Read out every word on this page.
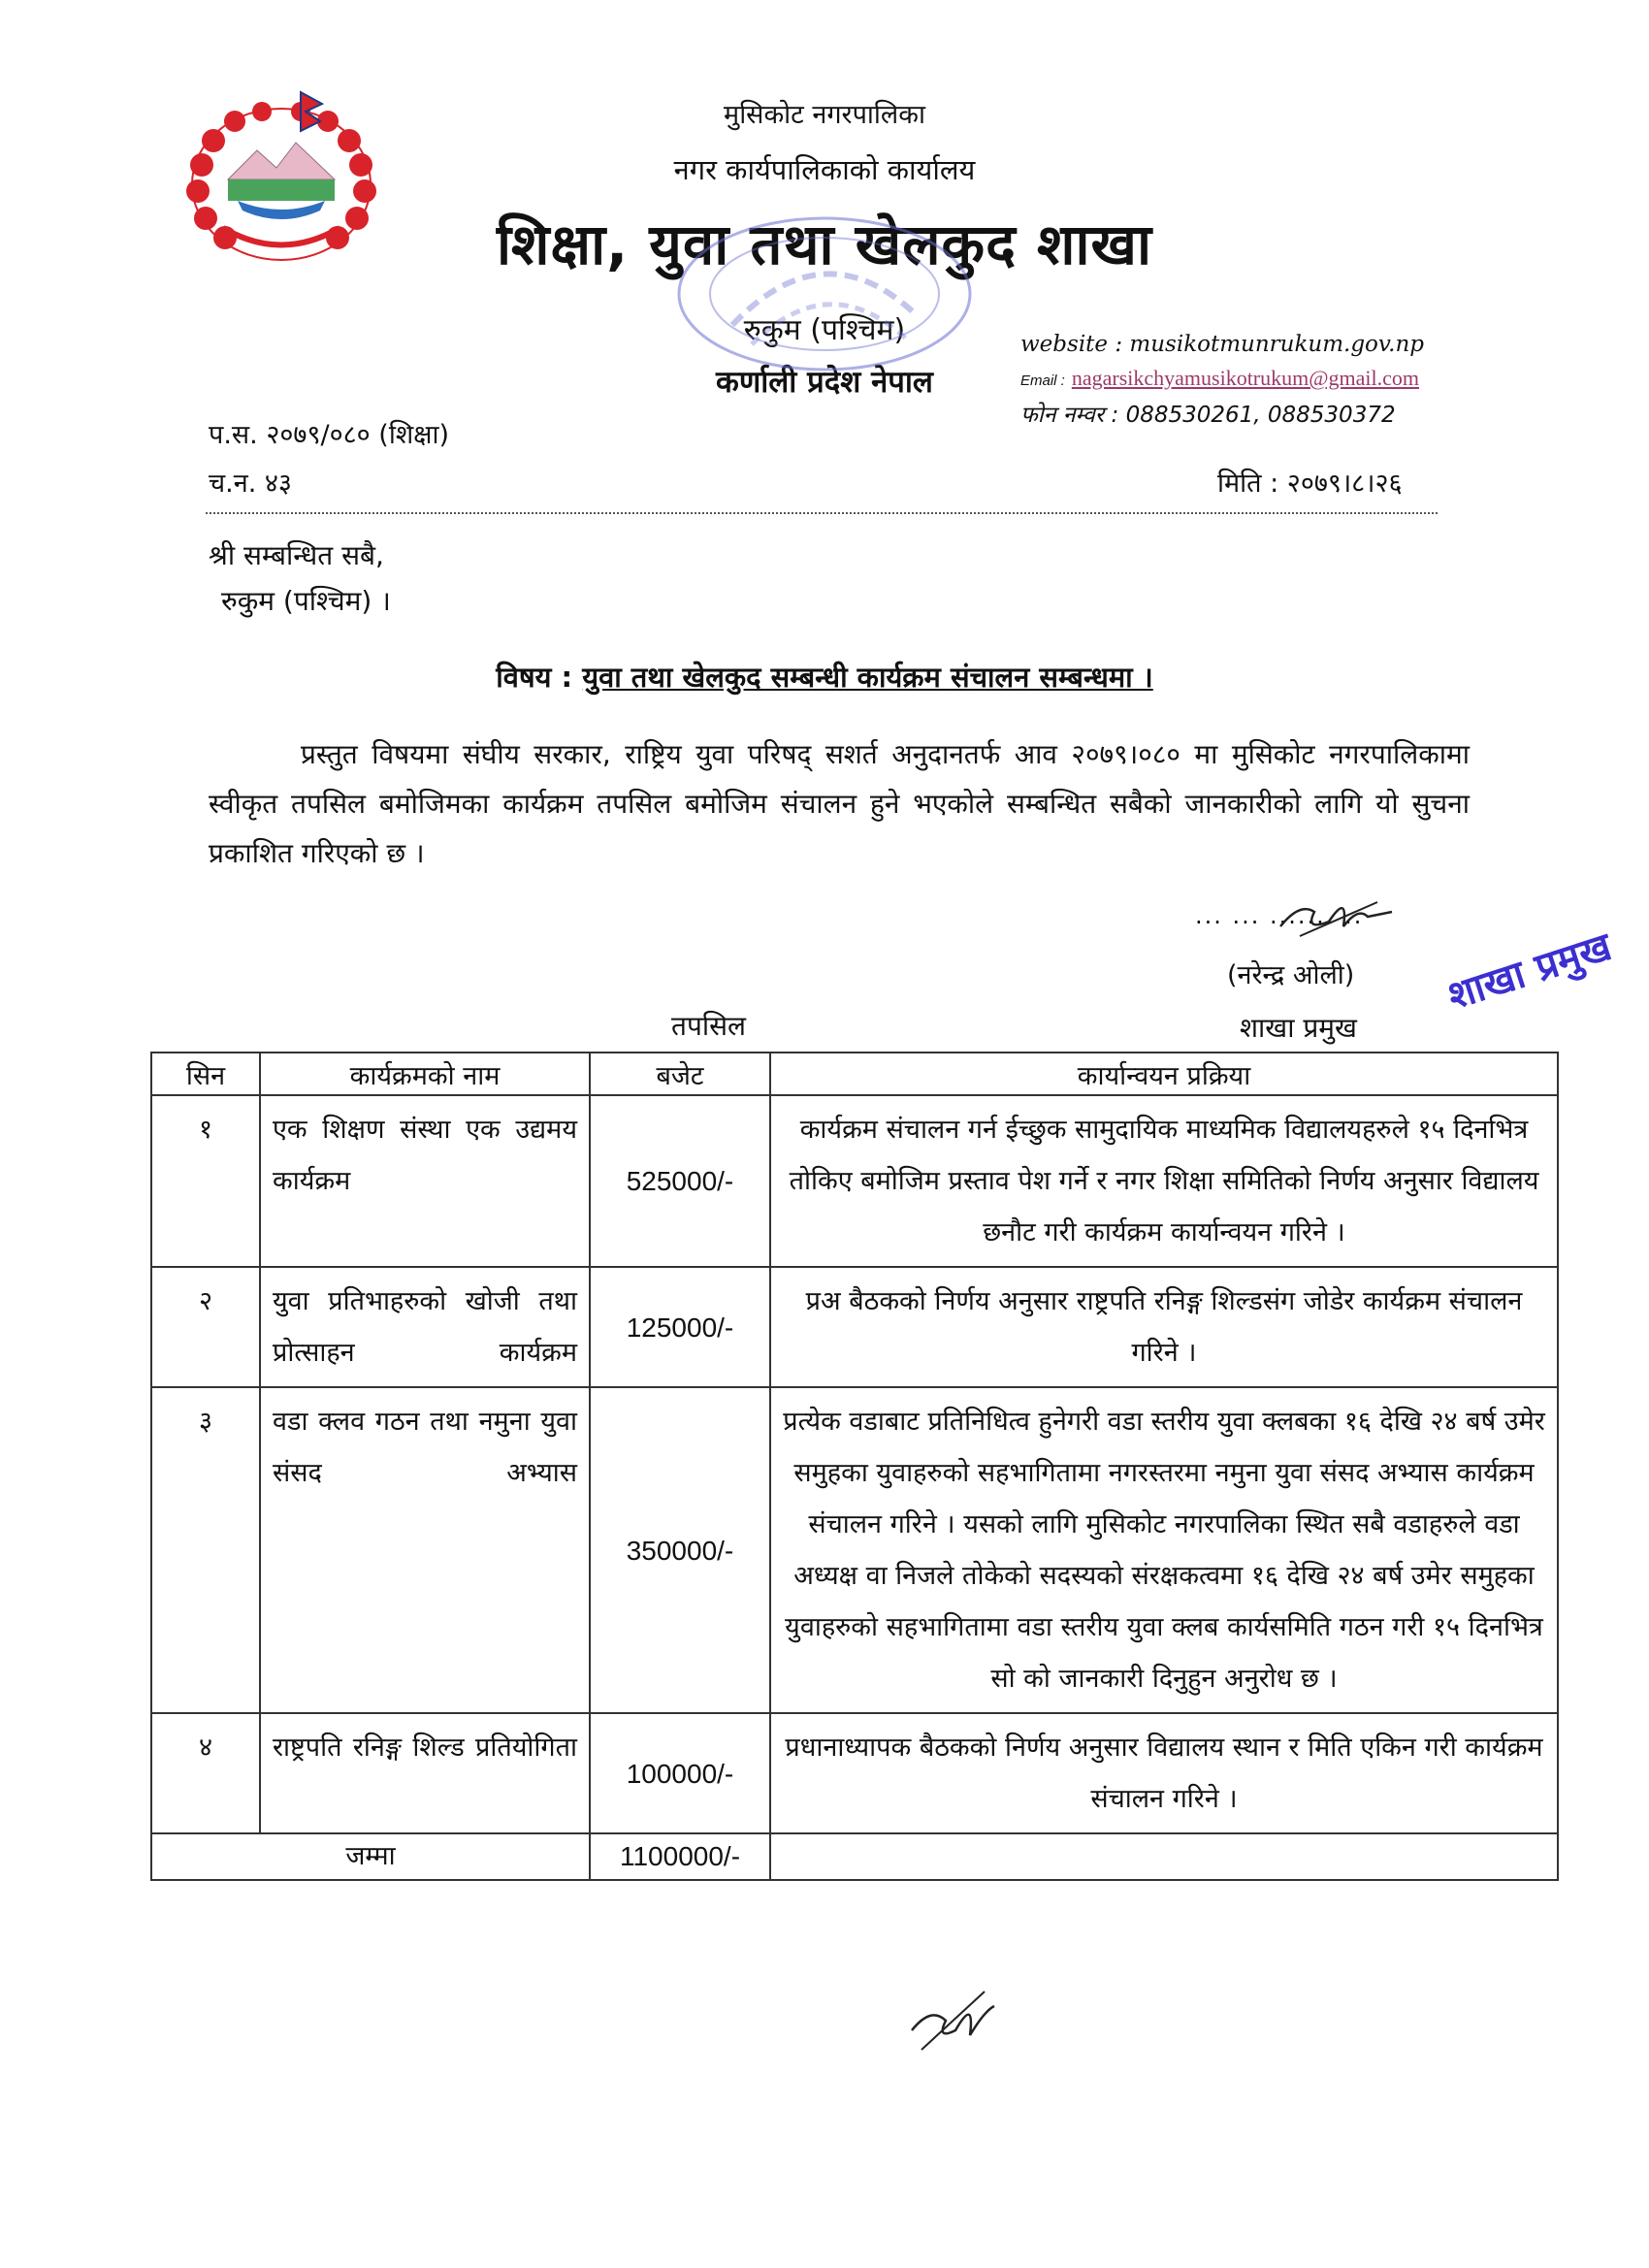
मुसिकोट नगरपालिका
नगर कार्यपालिकाको कार्यालय
शिक्षा, युवा तथा खेलकुद शाखा
रुकुम (पश्चिम)
कर्णाली प्रदेश नेपाल
website : musikotmunrukum.gov.np
Email : nagarsikchyamusikotrukum@gmail.com
फोन नम्वर : 088530261, 088530372
प.स. २०७९/०८० (शिक्षा)
च.न. ४३	मिति : २०७९।८।२६
श्री सम्बन्धित सबै,
रुकुम (पश्चिम) ।
विषय : युवा तथा खेलकुद सम्बन्धी कार्यक्रम संचालन सम्बन्धमा ।
प्रस्तुत विषयमा संघीय सरकार, राष्ट्रिय युवा परिषद् सशर्त अनुदानतर्फ आव २०७९।०८० मा मुसिकोट नगरपालिकामा स्वीकृत तपसिल बमोजिमका कार्यक्रम तपसिल बमोजिम संचालन हुने भएकोले सम्बन्धित सबैको जानकारीको लागि यो सुचना प्रकाशित गरिएको छ ।
... ... ....... ..
(नरेन्द्र ओली)
शाखा प्रमुख
शाखा प्रमुख
तपसिल
सिन	कार्यक्रमको नाम	बजेट	कार्यान्वयन प्रक्रिया
१	एक शिक्षण संस्था एक उद्यमय कार्यक्रम	525000/-	कार्यक्रम संचालन गर्न ईच्छुक सामुदायिक माध्यमिक विद्यालयहरुले १५ दिनभित्र तोकिए बमोजिम प्रस्ताव पेश गर्ने र नगर शिक्षा समितिको निर्णय अनुसार विद्यालय छनौट गरी कार्यक्रम कार्यान्वयन गरिने ।
२	युवा प्रतिभाहरुको खोजी तथा प्रोत्साहन कार्यक्रम	125000/-	प्रअ बैठकको निर्णय अनुसार राष्ट्रपति रनिङ्ग शिल्डसंग जोडेर कार्यक्रम संचालन गरिने ।
३	वडा क्लव गठन तथा नमुना युवा संसद अभ्यास	350000/-	प्रत्येक वडाबाट प्रतिनिधित्व हुनेगरी वडा स्तरीय युवा क्लबका १६ देखि २४ बर्ष उमेर समुहका युवाहरुको सहभागितामा नगरस्तरमा नमुना युवा संसद अभ्यास कार्यक्रम संचालन गरिने । यसको लागि मुसिकोट नगरपालिका स्थित सबै वडाहरुले वडा अध्यक्ष वा निजले तोकेको सदस्यको संरक्षकत्वमा १६ देखि २४ बर्ष उमेर समुहका युवाहरुको सहभागितामा वडा स्तरीय युवा क्लब कार्यसमिति गठन गरी १५ दिनभित्र सो को जानकारी दिनुहुन अनुरोध छ ।
४	राष्ट्रपति रनिङ्ग शिल्ड प्रतियोगिता	100000/-	प्रधानाध्यापक बैठकको निर्णय अनुसार विद्यालय स्थान र मिति एकिन गरी कार्यक्रम संचालन गरिने ।
जम्मा		1100000/-	
